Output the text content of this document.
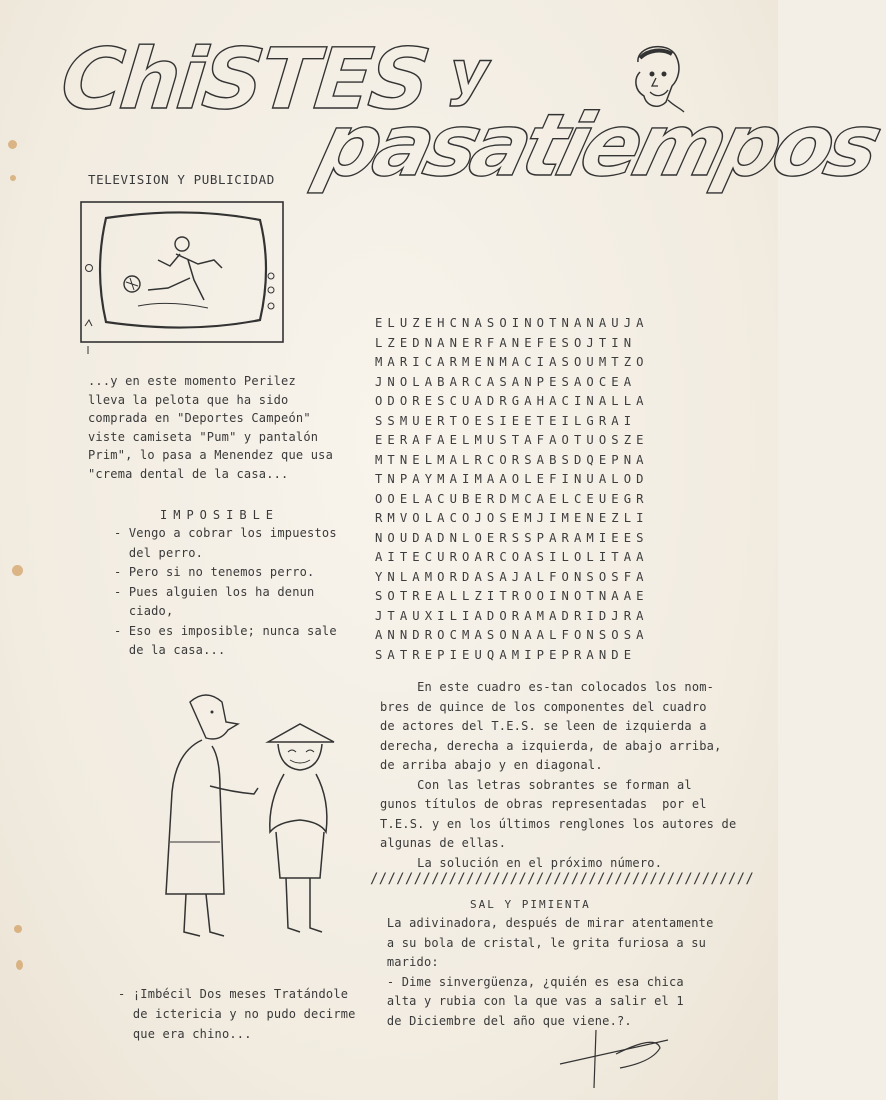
ChiSTES y
pasatiempos
TELEVISION Y PUBLICIDAD
...y en este momento Perilez
lleva la pelota que ha sido
comprada en "Deportes Campeón"
viste camiseta "Pum" y pantalón
Prim", lo pasa a Menendez que usa
"crema dental de la casa...
IMPOSIBLE
- Vengo a cobrar los impuestos
del perro.
- Pero si no tenemos perro.
- Pues alguien los ha denun
ciado,
- Eso es imposible; nunca sale
de la casa...
ELUZEHCNASOINOTNANAUJA
LZEDNANERFANEFESOJTIN
MARICARMENMACIASOUMTZO
JNOLABARCASANPESAOCEA
ODORESCUADRGAHACINALLA
SSMUERTOESIEETEILGRAI
EERAFAELMUSTAFAOTUOSZE
MTNELMALRCORSABSDQEPNA
TNPAYMAIMAAOLEFINUALOD
OOELACUBERDMCAELCEUEGR
RMVOLACOJOSEMJIMENEZLI
NOUDADNLOERSSPARAMIEES
AITECUROARCOASILOLITAA
YNLAMORDASAJALFONSOSFA
SOTREALLZITROOINOTNAAE
JTAUXILIADORAMADRIDJRA
ANNDROCMASONAALFONSOSA
SATREPIEUQAMIPEPRANDE
En este cuadro es-tan colocados los nom-
bres de quince de los componentes del cuadro
de actores del T.E.S. se leen de izquierda a
derecha, derecha a izquierda, de abajo arriba,
de arriba abajo y en diagonal.
Con las letras sobrantes se forman al
gunos títulos de obras representadas  por el
T.E.S. y en los últimos renglones los autores de
algunas de ellas.
La solución en el próximo número.
////////////////////////////////////////////
SAL Y PIMIENTA
La adivinadora, después de mirar atentamente
a su bola de cristal, le grita furiosa a su
marido:
- Dime sinvergüenza, ¿quién es esa chica
alta y rubia con la que vas a salir el 1
de Diciembre del año que viene.?.
- ¡Imbécil Dos meses Tratándole
de ictericia y no pudo decirme
que era chino...
